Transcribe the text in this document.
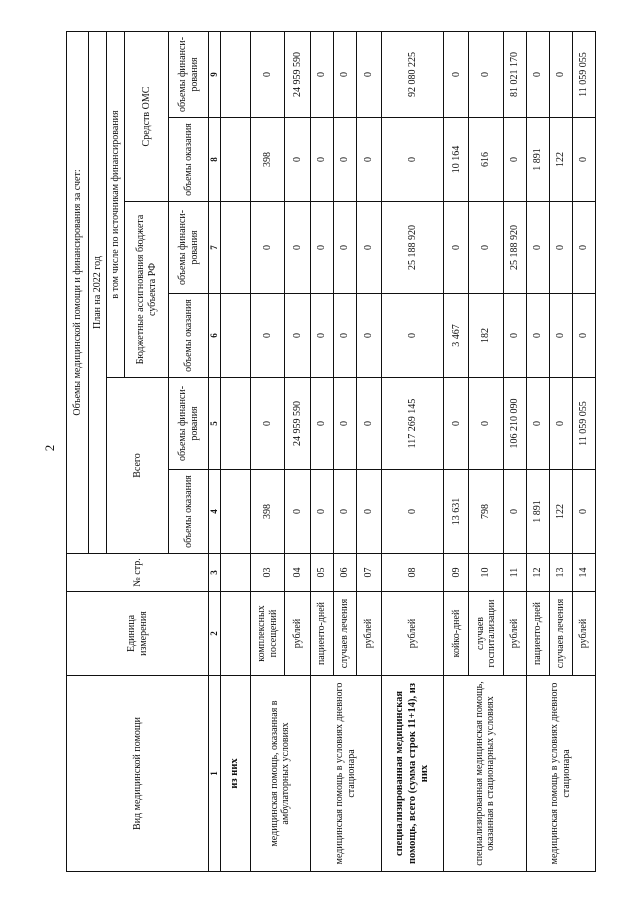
2
Вид медицинской помощи	Единица измерения	№ стр.	Объемы медицинской помощи и финансирования за счет:					
			План на 2022 год					
			Всего		в том числе по источникам финансирования			
					Бюджетные ассигнования бюджета субъекта РФ		Средств ОМС	
			объемы оказания	объемы финанси-рования	объемы оказания	объемы финанси-рования	объемы оказания	объемы финанси-рования
1	2	3	4	5	6	7	8	9
из них								
медицинская помощь, оказанная в амбулаторных условиях	комплексных посещений	03	398	0	0	0	398	0
	рублей	04	0	24 959 590	0	0	0	24 959 590
медицинская помощь в условиях дневного стационара	пациенто-дней	05	0	0	0	0	0	0
	случаев лечения	06	0	0	0	0	0	0
	рублей	07	0	0	0	0	0	0
специализированная медицинская помощь, всего (сумма строк 11+14), из них	рублей	08	0	117 269 145	0	25 188 920	0	92 080 225
специализированная медицинская помощь, оказанная в стационарных условиях	койко-дней	09	13 631	0	3 467	0	10 164	0
	случаев госпитализации	10	798	0	182	0	616	0
	рублей	11	0	106 210 090	0	25 188 920	0	81 021 170
медицинская помощь в условиях дневного стационара	пациенто-дней	12	1 891	0	0	0	1 891	0
	случаев лечения	13	122	0	0	0	122	0
	рублей	14	0	11 059 055	0	0	0	11 059 055
